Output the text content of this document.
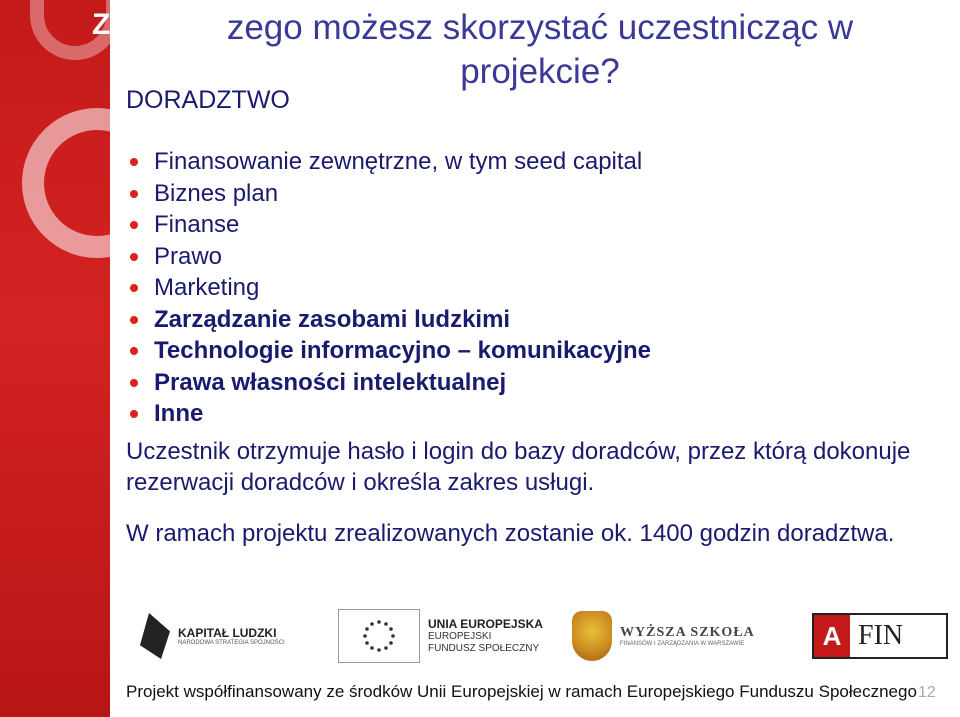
Z	zego możesz skorzystać uczestnicząc w projekcie?
DORADZTWO
Finansowanie zewnętrzne, w tym seed capital
Biznes plan
Finanse
Prawo
Marketing
Zarządzanie zasobami ludzkimi
Technologie informacyjno – komunikacyjne
Prawa własności intelektualnej
Inne
Uczestnik otrzymuje hasło i login do bazy doradców, przez którą dokonuje rezerwacji doradców i określa zakres usługi.
W ramach projektu zrealizowanych zostanie ok. 1400 godzin doradztwa.
KAPITAŁ LUDZKI
NARODOWA STRATEGIA SPÓJNOŚCI
UNIA EUROPEJSKA
EUROPEJSKI
FUNDUSZ SPOŁECZNY
WYŻSZA SZKOŁA
FINANSÓW I ZARZĄDZANIA W WARSZAWIE	A FIN
Projekt współfinansowany ze środków Unii Europejskiej w ramach Europejskiego Funduszu Społecznego 12
